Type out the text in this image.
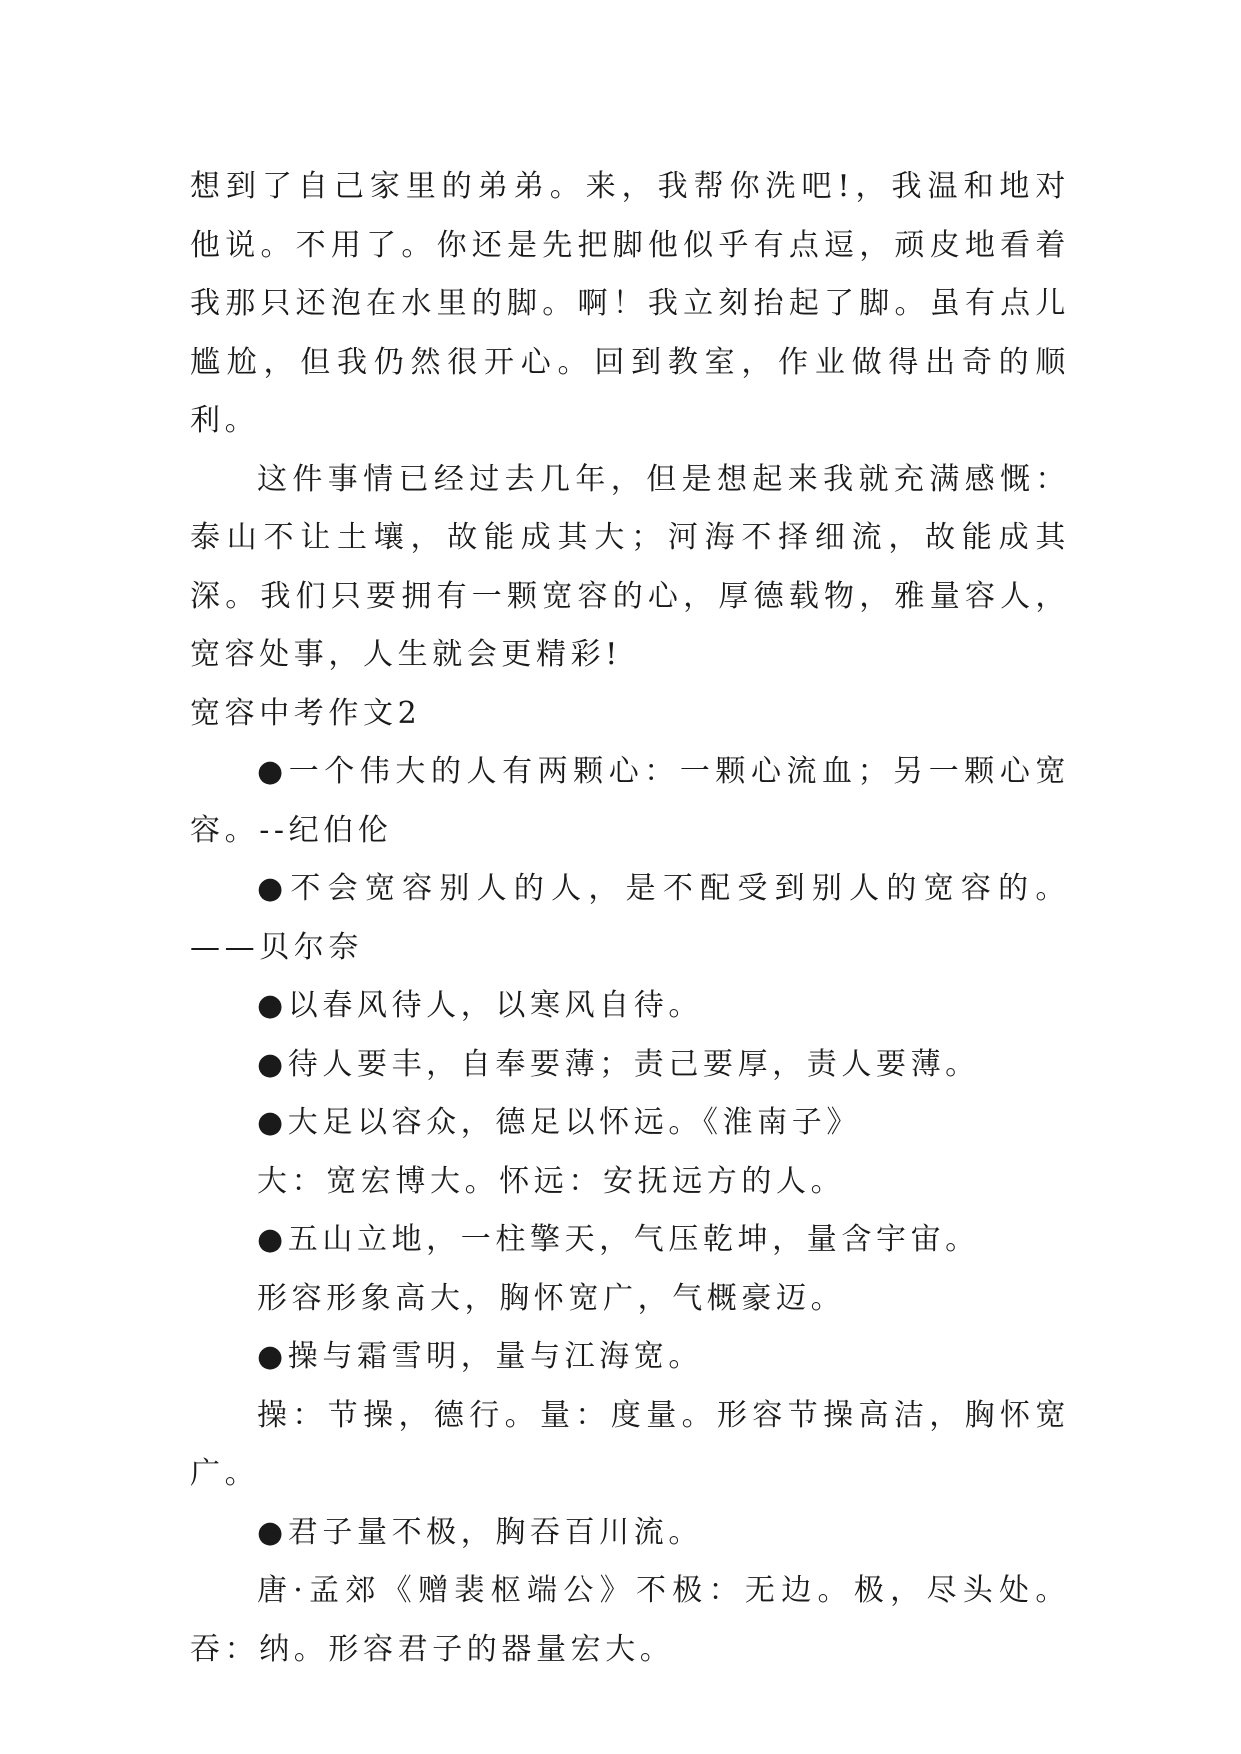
想到了自己家里的弟弟。来，我帮你洗吧!，我温和地对他说。不用了。你还是先把脚他似乎有点逗，顽皮地看着我那只还泡在水里的脚。啊！我立刻抬起了脚。虽有点儿尴尬，但我仍然很开心。回到教室，作业做得出奇的顺利。

这件事情已经过去几年，但是想起来我就充满感慨：泰山不让土壤，故能成其大；河海不择细流，故能成其深。我们只要拥有一颗宽容的心，厚德载物，雅量容人，宽容处事，人生就会更精彩!

宽容中考作文2

●一个伟大的人有两颗心：一颗心流血；另一颗心宽容。--纪伯伦

●不会宽容别人的人，是不配受到别人的宽容的。——贝尔奈

●以春风待人，以寒风自待。

●待人要丰，自奉要薄；责己要厚，责人要薄。

●大足以容众，德足以怀远。《淮南子》

大：宽宏博大。怀远：安抚远方的人。

●五山立地，一柱擎天，气压乾坤，量含宇宙。

形容形象高大，胸怀宽广，气概豪迈。

●操与霜雪明，量与江海宽。

操：节操，德行。量：度量。形容节操高洁，胸怀宽广。

●君子量不极，胸吞百川流。

唐·孟郊《赠裴枢端公》不极：无边。极，尽头处。吞：纳。形容君子的器量宏大。
